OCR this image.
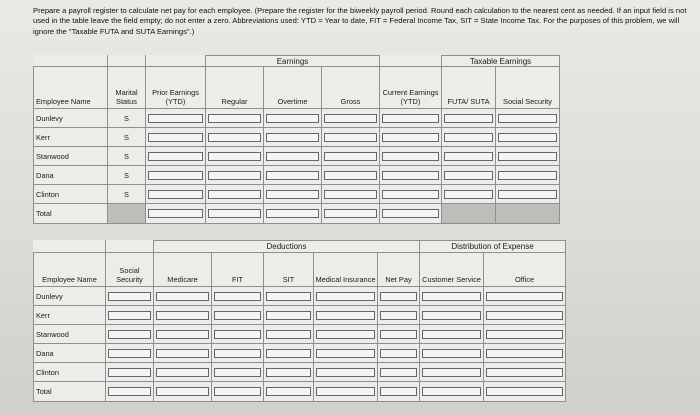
Prepare a payroll register to calculate net pay for each employee. (Prepare the register for the biweekly payroll period. Round each calculation to the nearest cent as needed. If an input field is not used in the table leave the field empty; do not enter a zero. Abbreviations used: YTD = Year to date, FIT = Federal Income Tax, SIT = State Income Tax. For the purposes of this problem, we will ignore the "Taxable FUTA and SUTA Earnings".)
			Earnings				Taxable Earnings	
Employee Name	Marital Status	Prior Earnings (YTD)	Regular	Overtime	Gross	Current Earnings (YTD)	FUTA/ SUTA	Social Security
Dunlevy	S	

Kerr	S	

Stanwood	S	

Dana	S	

Clinton	S	

Total		

		Deductions					Distribution of Expense	
Employee Name	Social Security	Medicare	FIT	SIT	Medical Insurance	Net Pay	Customer Service	Office
Dunlevy	

Kerr	

Stanwood	

Dana	

Clinton	

Total	
